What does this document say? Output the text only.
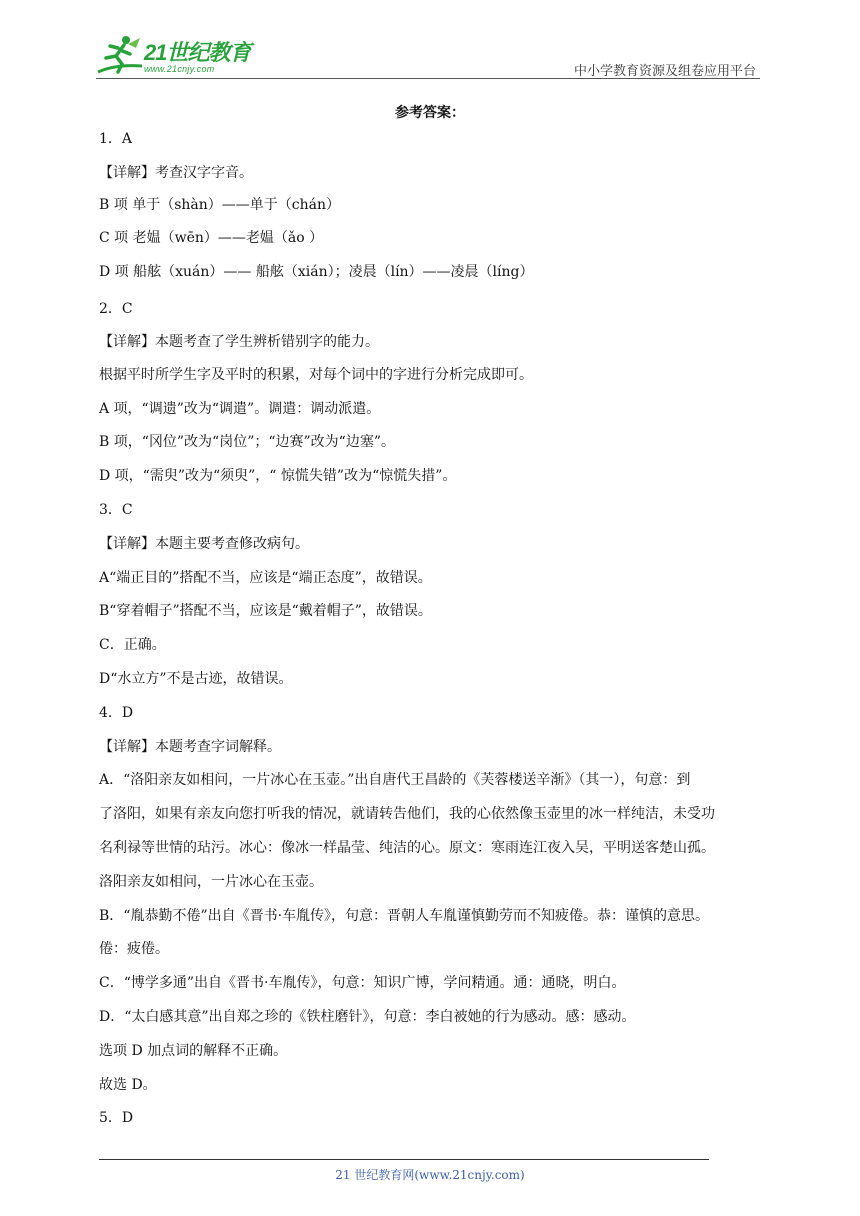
21世纪教育
www.21cnjy.com	中小学教育资源及组卷应用平台
参考答案：
1．A
【详解】考查汉字字音。
B 项 单于（shàn）——单于（chán）
C 项 老媪（wēn）——老媪（ǎo ）
D 项 船舷（xuán）—— 船舷（xián）；凌晨（lín）——凌晨（líng）
2．C
【详解】本题考查了学生辨析错别字的能力。
根据平时所学生字及平时的积累，对每个词中的字进行分析完成即可。
A 项，“调遗”改为“调遣”。调遣：调动派遣。
B 项，“冈位”改为“岗位”；“边赛”改为“边塞”。
D 项，“需臾”改为“须臾”，“ 惊慌失错”改为“惊慌失措”。
3．C
【详解】本题主要考查修改病句。
A“端正目的”搭配不当，应该是“端正态度”，故错误。
B“穿着帽子”搭配不当，应该是“戴着帽子”，故错误。
C．正确。
D“水立方”不是古迹，故错误。
4．D
【详解】本题考查字词解释。
A．“洛阳亲友如相问，一片冰心在玉壶。”出自唐代王昌龄的《芙蓉楼送辛渐》（其一），句意：到
了洛阳，如果有亲友向您打听我的情况，就请转告他们，我的心依然像玉壶里的冰一样纯洁，未受功
名利禄等世情的玷污。冰心：像冰一样晶莹、纯洁的心。原文：寒雨连江夜入吴，平明送客楚山孤。
洛阳亲友如相问，一片冰心在玉壶。
B．“胤恭勤不倦”出自《晋书·车胤传》，句意：晋朝人车胤谨慎勤劳而不知疲倦。恭：谨慎的意思。
倦：疲倦。
C．“博学多通”出自《晋书·车胤传》，句意：知识广博，学问精通。通：通晓，明白。
D．“太白感其意”出自郑之珍的《铁柱磨针》，句意：李白被她的行为感动。感：感动。
选项 D 加点词的解释不正确。
故选 D。
5．D
21 世纪教育网(www.21cnjy.com)
